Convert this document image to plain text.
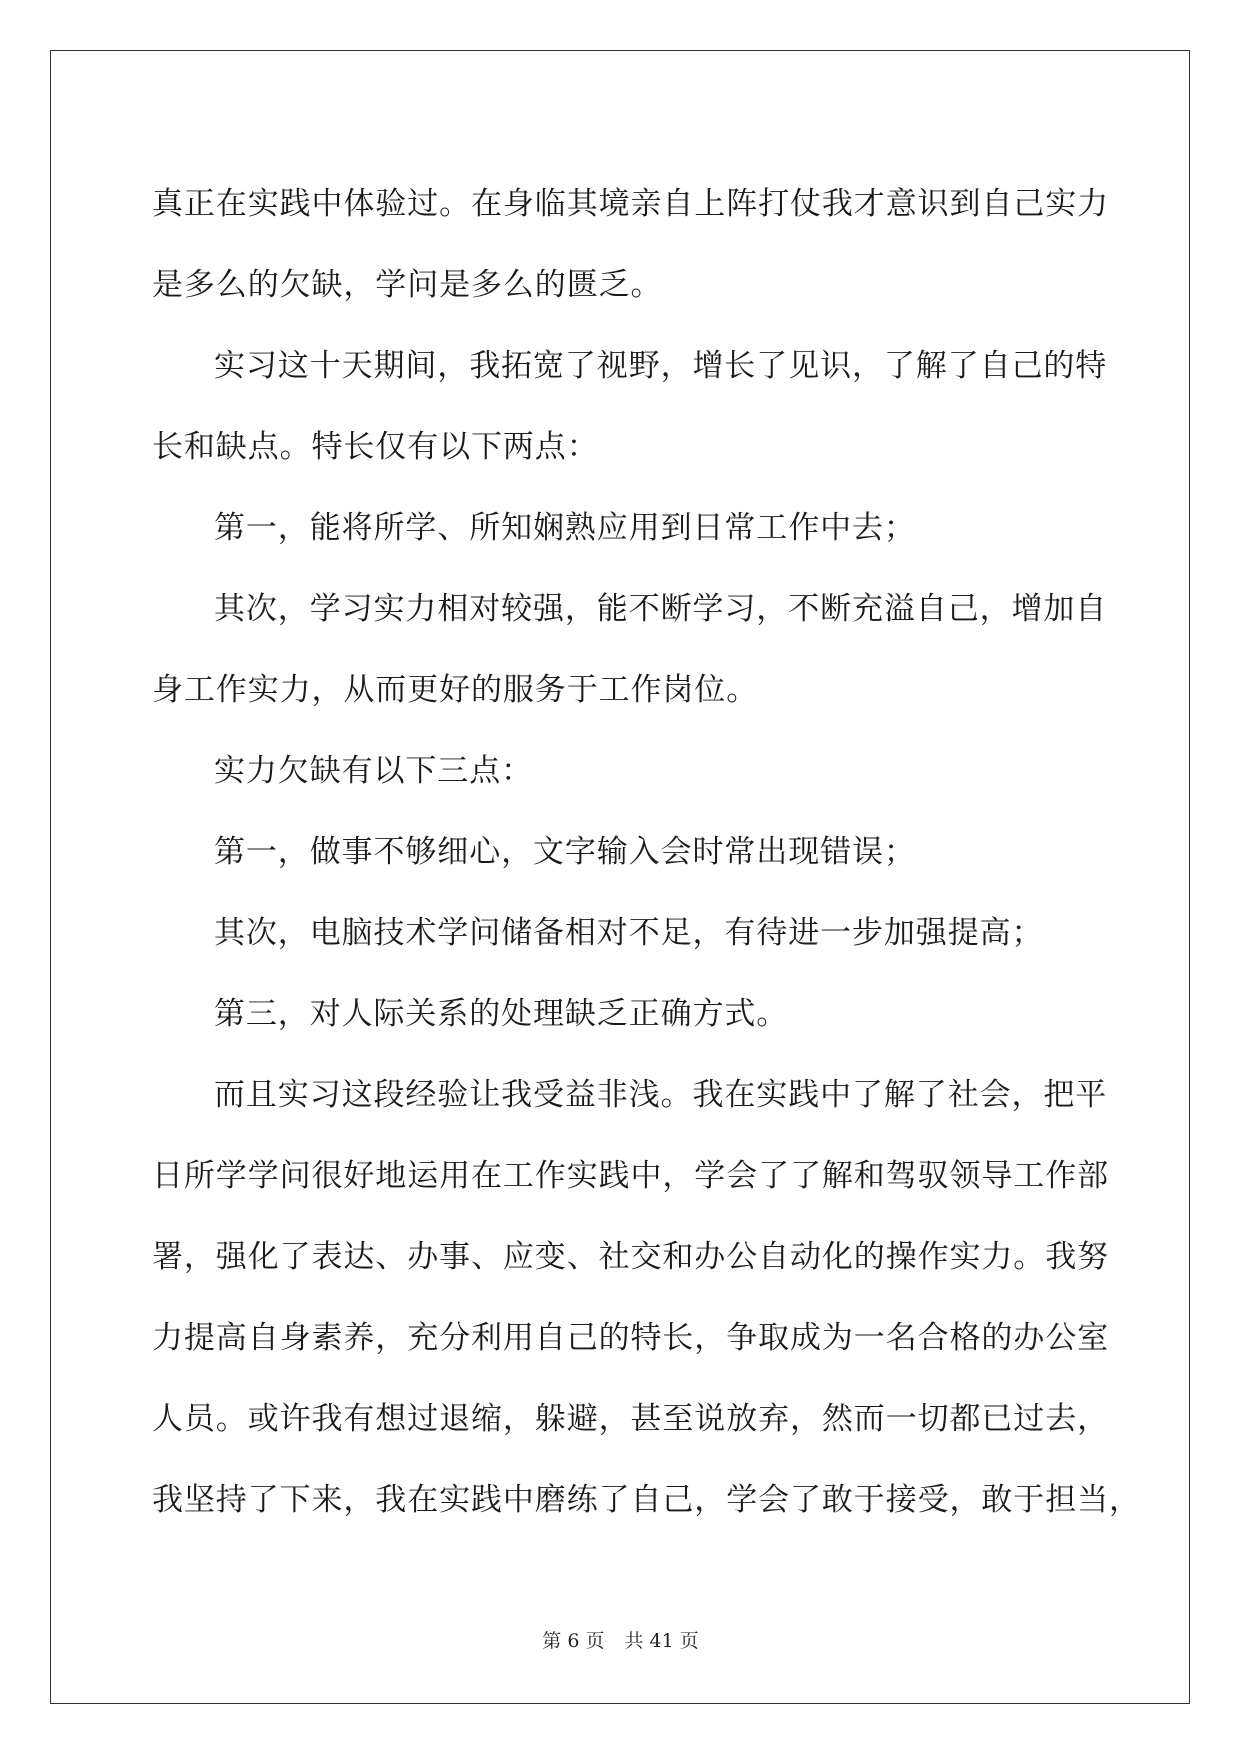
真正在实践中体验过。在身临其境亲自上阵打仗我才意识到自己实力
是多么的欠缺，学问是多么的匮乏。
实习这十天期间，我拓宽了视野，增长了见识，了解了自己的特
长和缺点。特长仅有以下两点：
第一，能将所学、所知娴熟应用到日常工作中去；
其次，学习实力相对较强，能不断学习，不断充溢自己，增加自
身工作实力，从而更好的服务于工作岗位。
实力欠缺有以下三点：
第一，做事不够细心，文字输入会时常出现错误；
其次，电脑技术学问储备相对不足，有待进一步加强提高；
第三，对人际关系的处理缺乏正确方式。
而且实习这段经验让我受益非浅。我在实践中了解了社会，把平
日所学学问很好地运用在工作实践中，学会了了解和驾驭领导工作部
署，强化了表达、办事、应变、社交和办公自动化的操作实力。我努
力提高自身素养，充分利用自己的特长，争取成为一名合格的办公室
人员。或许我有想过退缩，躲避，甚至说放弃，然而一切都已过去，
我坚持了下来，我在实践中磨练了自己，学会了敢于接受，敢于担当，
第 6 页 共 41 页
